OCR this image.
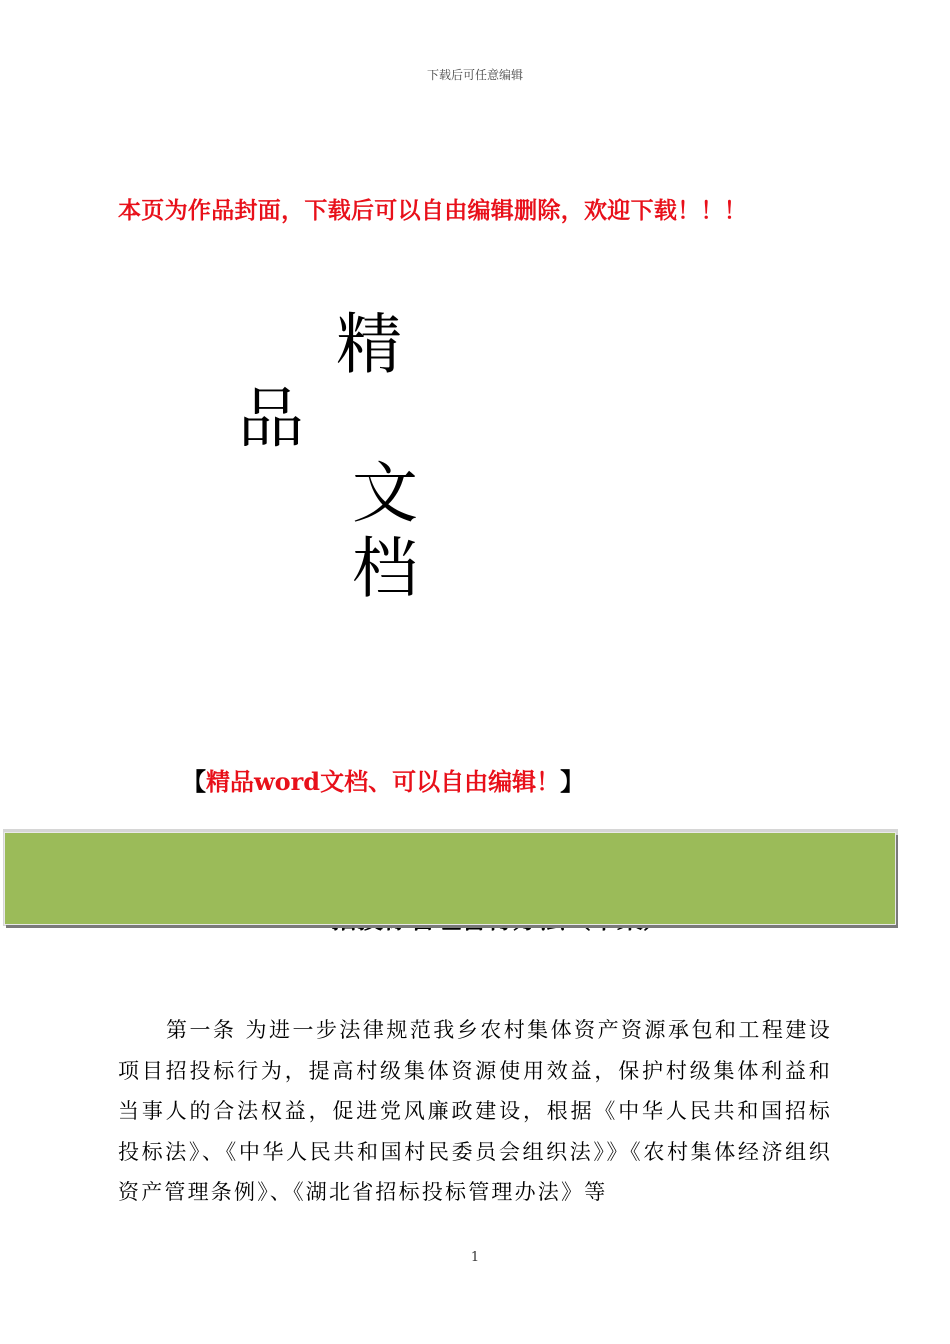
下载后可任意编辑
本页为作品封面，下载后可以自由编辑删除，欢迎下载！！！
精
品
文
档
【精品word文档、可以自由编辑！】

第一条 为进一步法律规范我乡农村集体资产资源承包和工程建设项目招投标行为，提高村级集体资源使用效益，保护村级集体利益和当事人的合法权益，促进党风廉政建设，根据《中华人民共和国招标投标法》、《中华人民共和国村民委员会组织法》》《农村集体经济组织资产管理条例》、《湖北省招标投标管理办法》等

1
